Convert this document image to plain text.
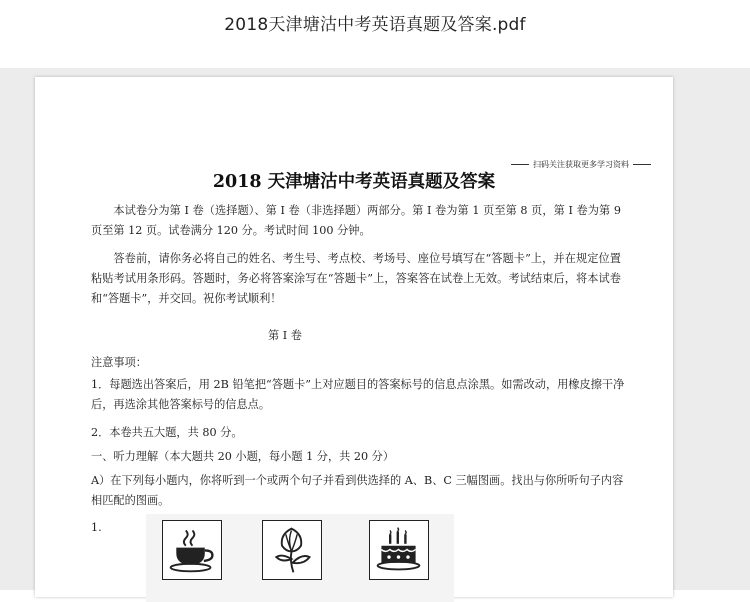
2018天津塘沽中考英语真题及答案.pdf
扫码关注获取更多学习资料
2018 天津塘沽中考英语真题及答案
本试卷分为第 I 卷（选择题）、第 I 卷（非选择题）两部分。第 I 卷为第 1 页至第 8 页，第 I 卷为第 9 页至第 12 页。试卷满分 120 分。考试时间 100 分钟。
答卷前，请你务必将自己的姓名、考生号、考点校、考场号、座位号填写在“答题卡”上，并在规定位置粘贴考试用条形码。答题时，务必将答案涂写在“答题卡”上，答案答在试卷上无效。考试结束后，将本试卷和“答题卡”，并交回。祝你考试顺利！
第 I 卷
注意事项：
1．每题选出答案后，用 2B 铅笔把“答题卡”上对应题目的答案标号的信息点涂黑。如需改动，用橡皮擦干净后，再选涂其他答案标号的信息点。
2．本卷共五大题，共 80 分。
一、听力理解（本大题共 20 小题，每小题 1 分，共 20 分）
A）在下列每小题内，你将听到一个或两个句子并看到供选择的 A、B、C 三幅图画。找出与你所听句子内容相匹配的图画。
1.
